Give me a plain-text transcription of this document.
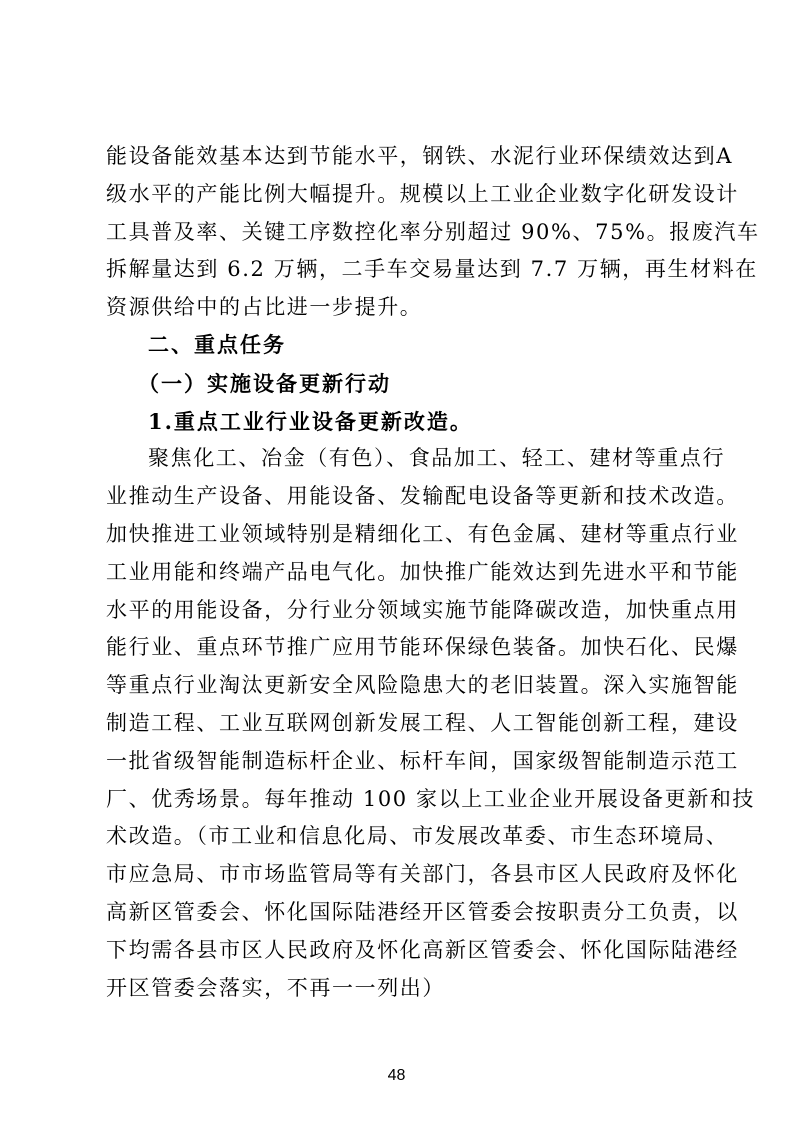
能设备能效基本达到节能水平，钢铁、水泥行业环保绩效达到A
级水平的产能比例大幅提升。规模以上工业企业数字化研发设计
工具普及率、关键工序数控化率分别超过 90%、75%。报废汽车
拆解量达到 6.2 万辆，二手车交易量达到 7.7 万辆，再生材料在
资源供给中的占比进一步提升。
二、重点任务
（一）实施设备更新行动
1.重点工业行业设备更新改造。
聚焦化工、冶金（有色）、食品加工、轻工、建材等重点行
业推动生产设备、用能设备、发输配电设备等更新和技术改造。
加快推进工业领域特别是精细化工、有色金属、建材等重点行业
工业用能和终端产品电气化。加快推广能效达到先进水平和节能
水平的用能设备，分行业分领域实施节能降碳改造，加快重点用
能行业、重点环节推广应用节能环保绿色装备。加快石化、民爆
等重点行业淘汰更新安全风险隐患大的老旧装置。深入实施智能
制造工程、工业互联网创新发展工程、人工智能创新工程，建设
一批省级智能制造标杆企业、标杆车间，国家级智能制造示范工
厂、优秀场景。每年推动 100 家以上工业企业开展设备更新和技
术改造。（市工业和信息化局、市发展改革委、市生态环境局、
市应急局、市市场监管局等有关部门，各县市区人民政府及怀化
高新区管委会、怀化国际陆港经开区管委会按职责分工负责，以
下均需各县市区人民政府及怀化高新区管委会、怀化国际陆港经
开区管委会落实，不再一一列出）
48
